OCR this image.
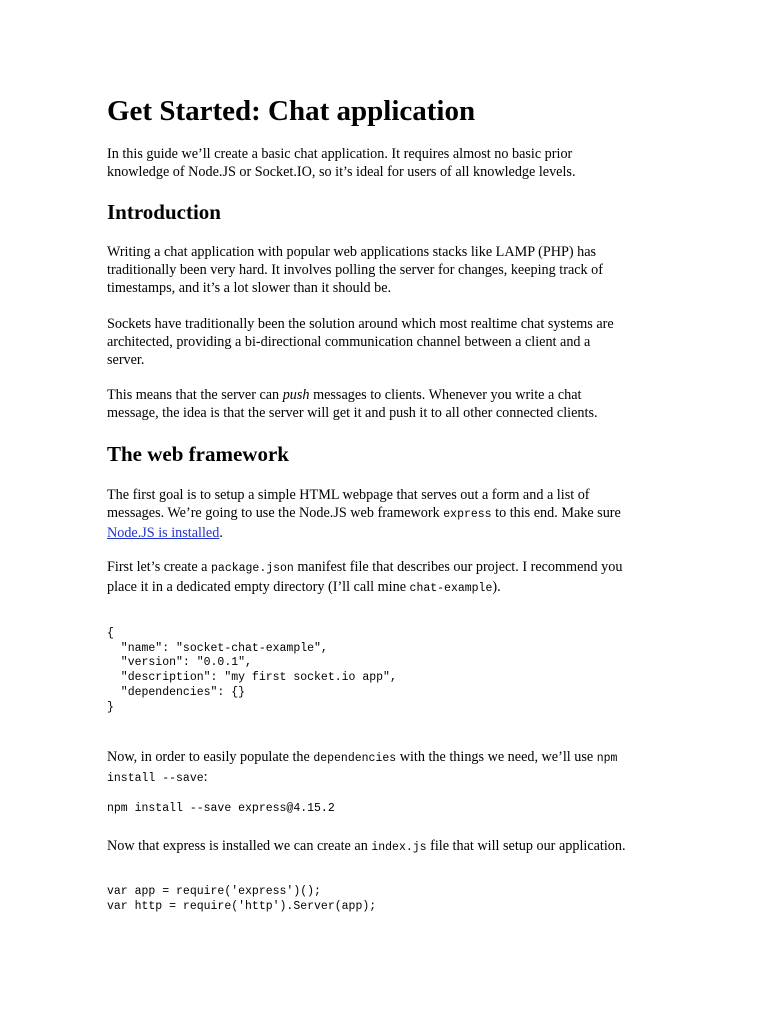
Get Started: Chat application
In this guide we’ll create a basic chat application. It requires almost no basic prior
knowledge of Node.JS or Socket.IO, so it’s ideal for users of all knowledge levels.
Introduction
Writing a chat application with popular web applications stacks like LAMP (PHP) has
traditionally been very hard. It involves polling the server for changes, keeping track of
timestamps, and it’s a lot slower than it should be.
Sockets have traditionally been the solution around which most realtime chat systems are
architected, providing a bi-directional communication channel between a client and a
server.
This means that the server can push messages to clients. Whenever you write a chat
message, the idea is that the server will get it and push it to all other connected clients.
The web framework
The first goal is to setup a simple HTML webpage that serves out a form and a list of
messages. We’re going to use the Node.JS web framework express to this end. Make sure
Node.JS is installed.
First let’s create a package.json manifest file that describes our project. I recommend you
place it in a dedicated empty directory (I’ll call mine chat-example).
{
"name": "socket-chat-example",
"version": "0.0.1",
"description": "my first socket.io app",
"dependencies": {}
}
Now, in order to easily populate the dependencies with the things we need, we’ll use npm
install --save:
npm install --save express@4.15.2
Now that express is installed we can create an index.js file that will setup our application.
var app = require('express')();
var http = require('http').Server(app);
